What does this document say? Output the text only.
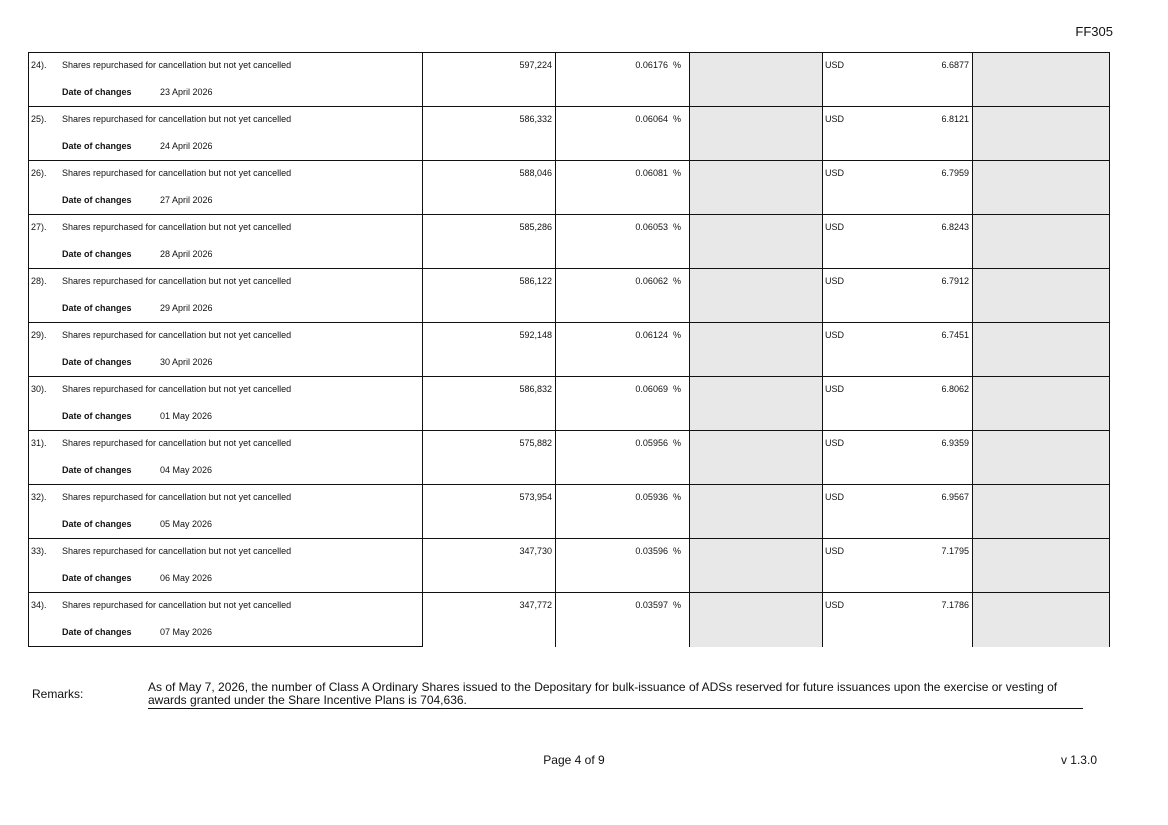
FF305
24). Shares repurchased for cancellation but not yet cancelled	597,224	0.06176 %		USD 6.6877	

Date of changes 23 April 2026					
25). Shares repurchased for cancellation but not yet cancelled	586,332	0.06064 %		USD 6.8121	

Date of changes 24 April 2026					
26). Shares repurchased for cancellation but not yet cancelled	588,046	0.06081 %		USD 6.7959	

Date of changes 27 April 2026					
27). Shares repurchased for cancellation but not yet cancelled	585,286	0.06053 %		USD 6.8243	

Date of changes 28 April 2026					
28). Shares repurchased for cancellation but not yet cancelled	586,122	0.06062 %		USD 6.7912	

Date of changes 29 April 2026					
29). Shares repurchased for cancellation but not yet cancelled	592,148	0.06124 %		USD 6.7451	

Date of changes 30 April 2026					
30). Shares repurchased for cancellation but not yet cancelled	586,832	0.06069 %		USD 6.8062	

Date of changes 01 May 2026					
31). Shares repurchased for cancellation but not yet cancelled	575,882	0.05956 %		USD 6.9359	

Date of changes 04 May 2026					
32). Shares repurchased for cancellation but not yet cancelled	573,954	0.05936 %		USD 6.9567	

Date of changes 05 May 2026					
33). Shares repurchased for cancellation but not yet cancelled	347,730	0.03596 %		USD 7.1795	

Date of changes 06 May 2026					
34). Shares repurchased for cancellation but not yet cancelled	347,772	0.03597 %		USD 7.1786	

Date of changes 07 May 2026					
Remarks:	As of May 7, 2026, the number of Class A Ordinary Shares issued to the Depositary for bulk-issuance of ADSs reserved for future issuances upon the exercise or vesting of awards granted under the Share Incentive Plans is 704,636.
Page 4 of 9	v 1.3.0
